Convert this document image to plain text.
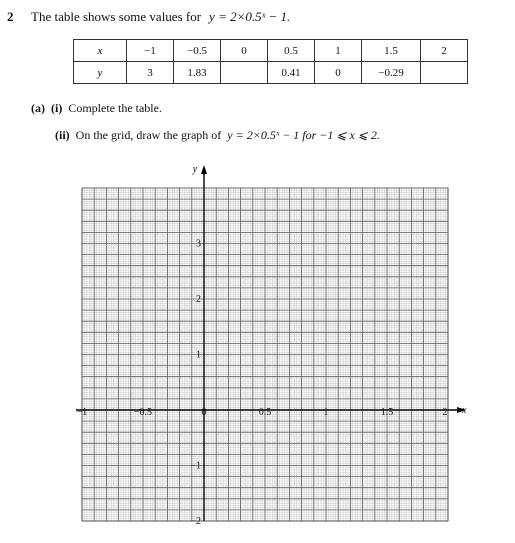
2 The table shows some values for y = 2×0.5ˣ − 1.
x	−1	−0.5	0	0.5	1	1.5	2
y	3	1.83		0.41	0	−0.29	
(a) (i) Complete the table.
(ii) On the grid, draw the graph of y = 2×0.5ˣ − 1 for −1 ⩽ x ⩽ 2.
x
y
−1	−0.5	0	0.5	1	1.5	2
3
2
1
−1
−2
